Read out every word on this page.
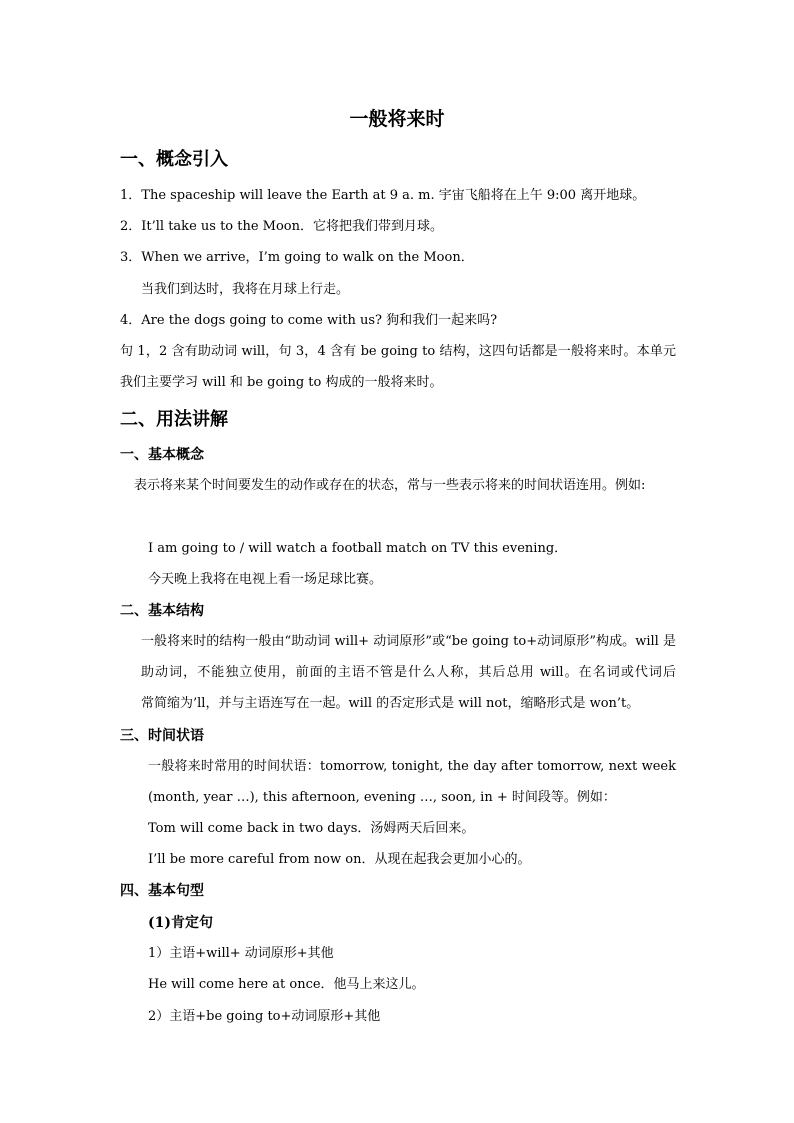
一般将来时
一、概念引入
1．The spaceship will leave the Earth at 9 a. m. 宇宙飞船将在上午 9:00 离开地球。
2．It’ll take us to the Moon．它将把我们带到月球。
3．When we arrive，I’m going to walk on the Moon．
当我们到达时，我将在月球上行走。
4．Are the dogs going to come with us? 狗和我们一起来吗?
句 1，2 含有助动词 will，句 3，4 含有 be going to 结构，这四句话都是一般将来时。本单元
我们主要学习 will 和 be going to 构成的一般将来时。
二、用法讲解
一、基本概念
表示将来某个时间要发生的动作或存在的状态，常与一些表示将来的时间状语连用。例如:
I am going to / will watch a football match on TV this evening．
今天晚上我将在电视上看一场足球比赛。
二、基本结构
一般将来时的结构一般由“助动词 will+ 动词原形”或“be going to+动词原形”构成。will 是
助动词，不能独立使用，前面的主语不管是什么人称，其后总用 will。在名词或代词后
常简缩为’ll，并与主语连写在一起。will 的否定形式是 will not，缩略形式是 won’t。
三、时间状语
一般将来时常用的时间状语：tomorrow, tonight, the day after tomorrow, next week
(month, year …), this afternoon, evening …, soon, in + 时间段等。例如：
Tom will come back in two days．汤姆两天后回来。
I’ll be more careful from now on．从现在起我会更加小心的。
四、基本句型
(1)肯定句
1）主语+will+ 动词原形+其他
He will come here at once．他马上来这儿。
2）主语+be going to+动词原形+其他
